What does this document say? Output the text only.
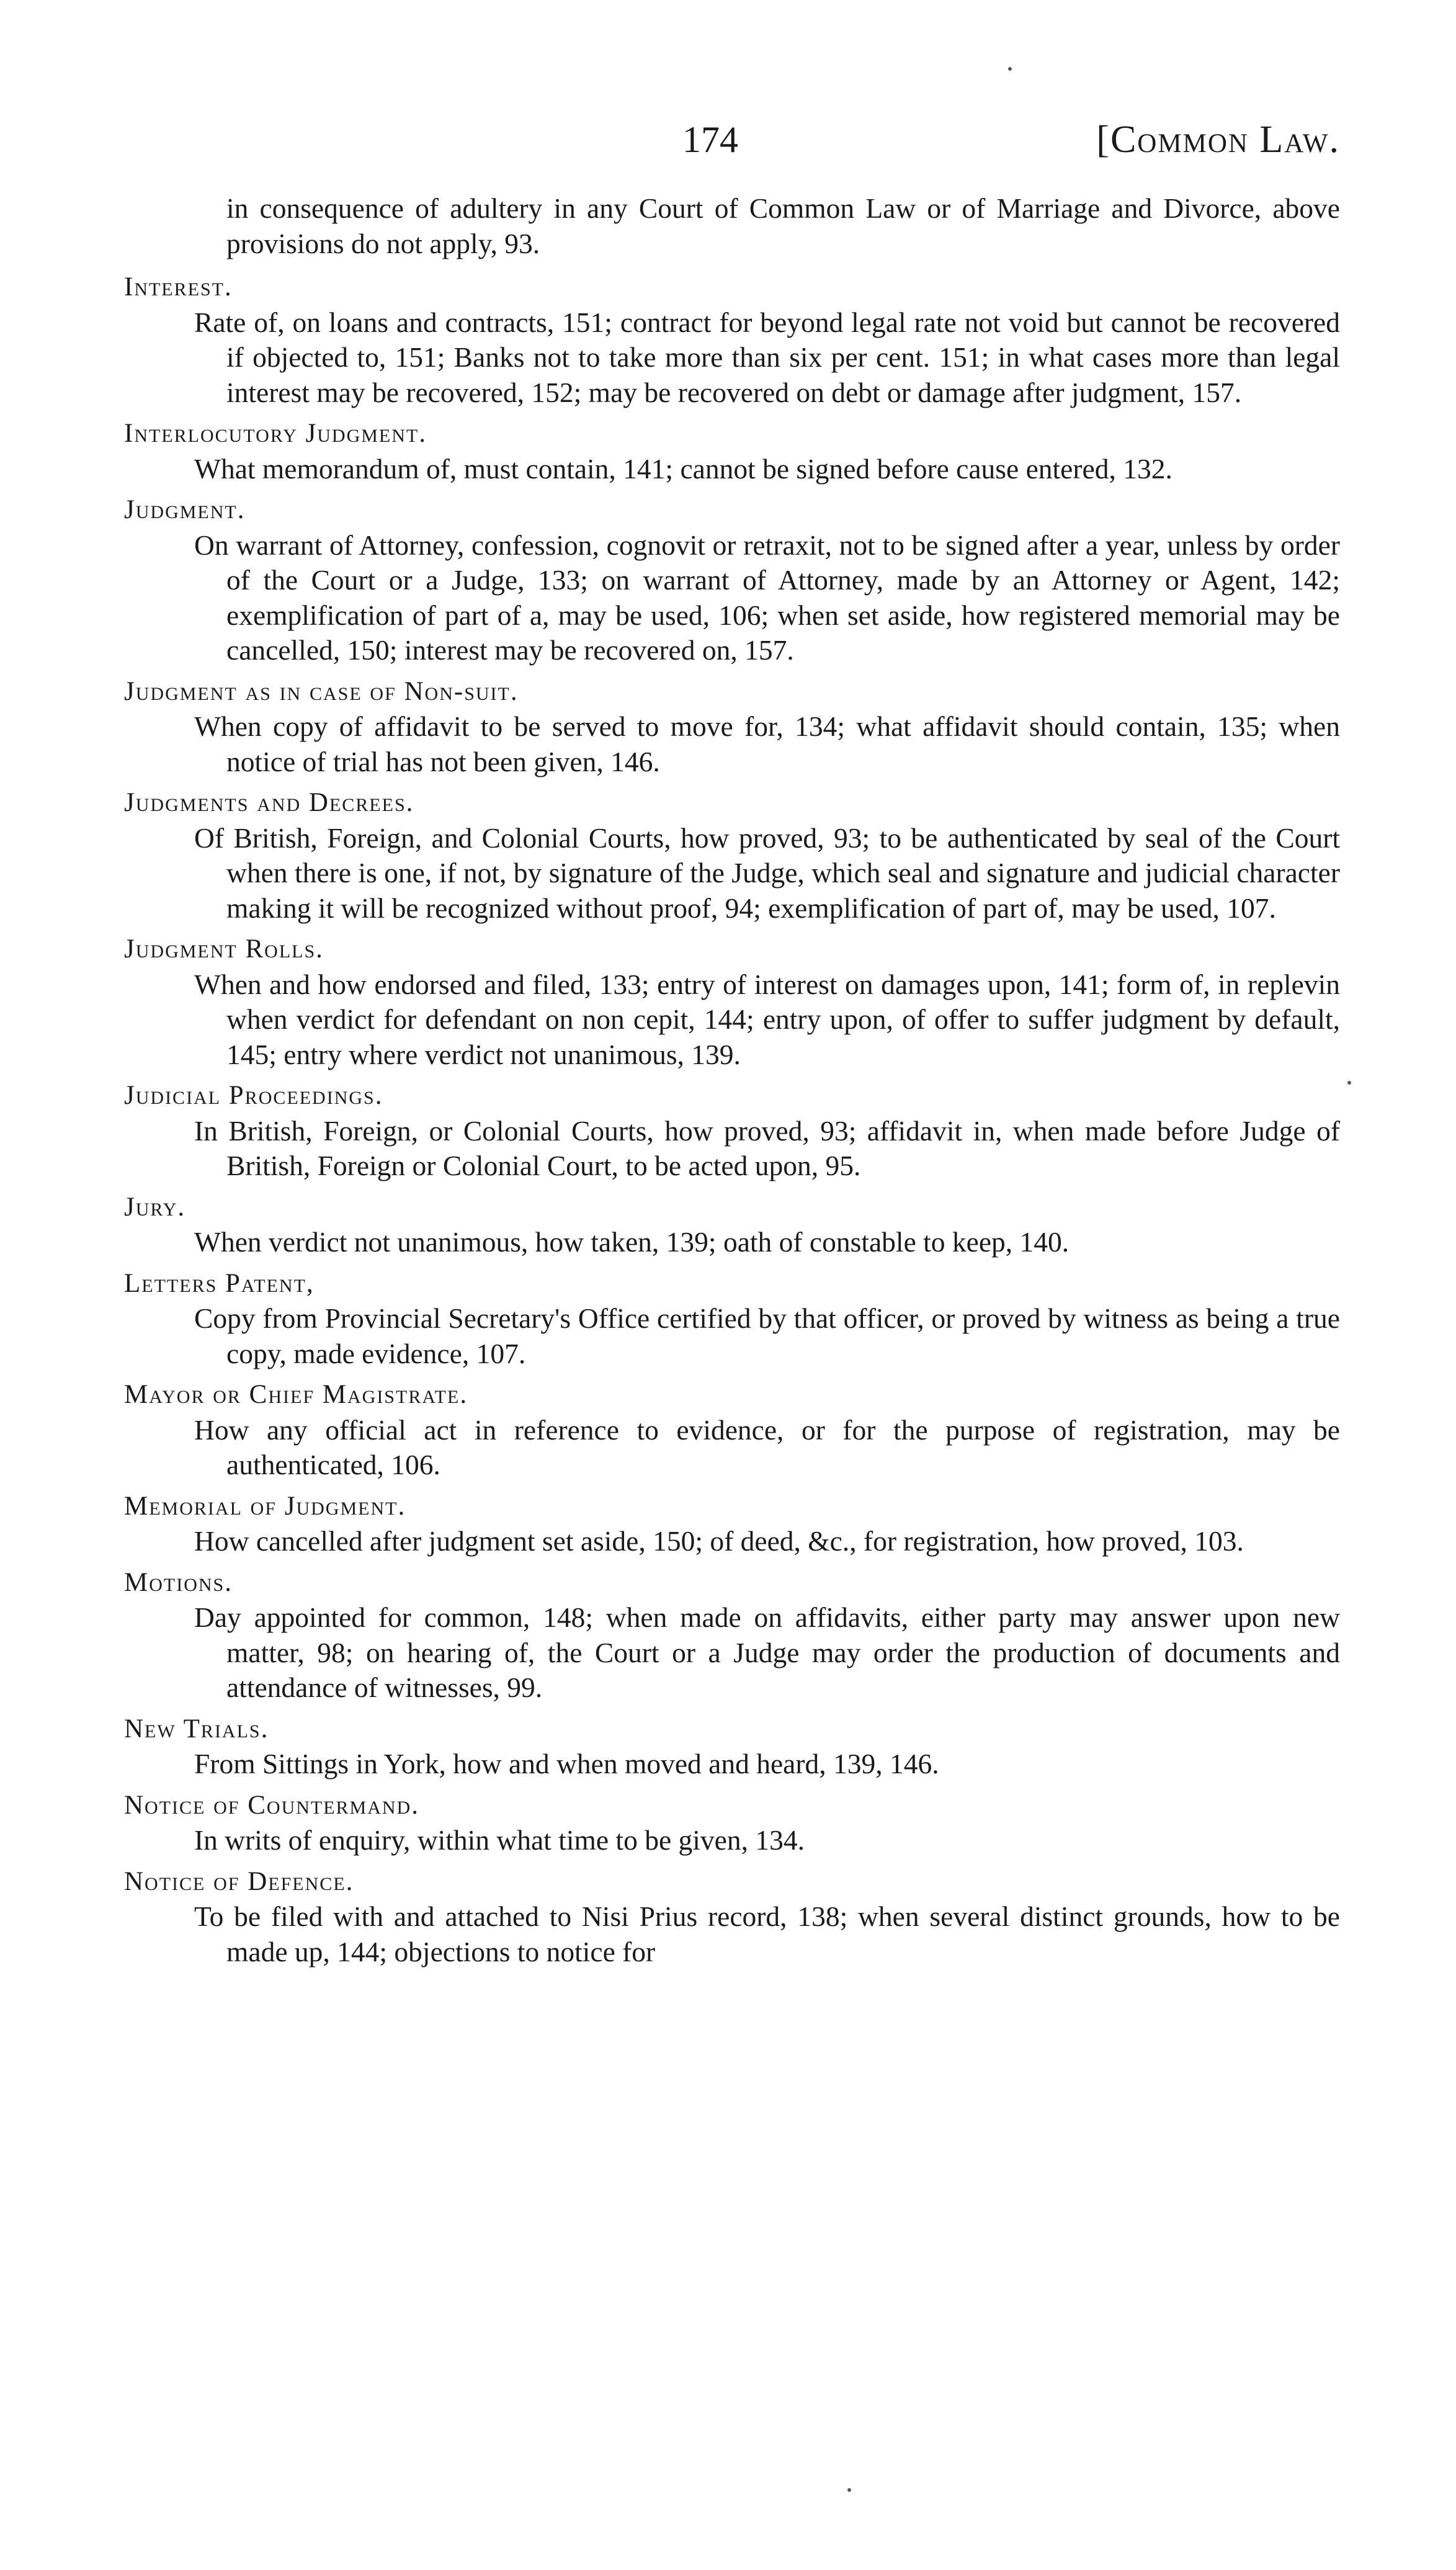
174	[Common Law.
in consequence of adultery in any Court of Common Law or of Marriage and Divorce, above provisions do not apply, 93.
Interest.
Rate of, on loans and contracts, 151; contract for beyond legal rate not void but cannot be recovered if objected to, 151; Banks not to take more than six per cent. 151; in what cases more than legal interest may be recovered, 152; may be recovered on debt or damage after judgment, 157.
Interlocutory Judgment.
What memorandum of, must contain, 141; cannot be signed before cause entered, 132.
Judgment.
On warrant of Attorney, confession, cognovit or retraxit, not to be signed after a year, unless by order of the Court or a Judge, 133; on warrant of Attorney, made by an Attorney or Agent, 142; exemplification of part of a, may be used, 106; when set aside, how registered memorial may be cancelled, 150; interest may be recovered on, 157.
Judgment as in case of Non-suit.
When copy of affidavit to be served to move for, 134; what affidavit should contain, 135; when notice of trial has not been given, 146.
Judgments and Decrees.
Of British, Foreign, and Colonial Courts, how proved, 93; to be authenticated by seal of the Court when there is one, if not, by signature of the Judge, which seal and signature and judicial character making it will be recognized without proof, 94; exemplification of part of, may be used, 107.
Judgment Rolls.
When and how endorsed and filed, 133; entry of interest on damages upon, 141; form of, in replevin when verdict for defendant on non cepit, 144; entry upon, of offer to suffer judgment by default, 145; entry where verdict not unanimous, 139.
Judicial Proceedings.
In British, Foreign, or Colonial Courts, how proved, 93; affidavit in, when made before Judge of British, Foreign or Colonial Court, to be acted upon, 95.
Jury.
When verdict not unanimous, how taken, 139; oath of constable to keep, 140.
Letters Patent,
Copy from Provincial Secretary's Office certified by that officer, or proved by witness as being a true copy, made evidence, 107.
Mayor or Chief Magistrate.
How any official act in reference to evidence, or for the purpose of registration, may be authenticated, 106.
Memorial of Judgment.
How cancelled after judgment set aside, 150; of deed, &c., for registration, how proved, 103.
Motions.
Day appointed for common, 148; when made on affidavits, either party may answer upon new matter, 98; on hearing of, the Court or a Judge may order the production of documents and attendance of witnesses, 99.
New Trials.
From Sittings in York, how and when moved and heard, 139, 146.
Notice of Countermand.
In writs of enquiry, within what time to be given, 134.
Notice of Defence.
To be filed with and attached to Nisi Prius record, 138; when several distinct grounds, how to be made up, 144; objections to notice for
